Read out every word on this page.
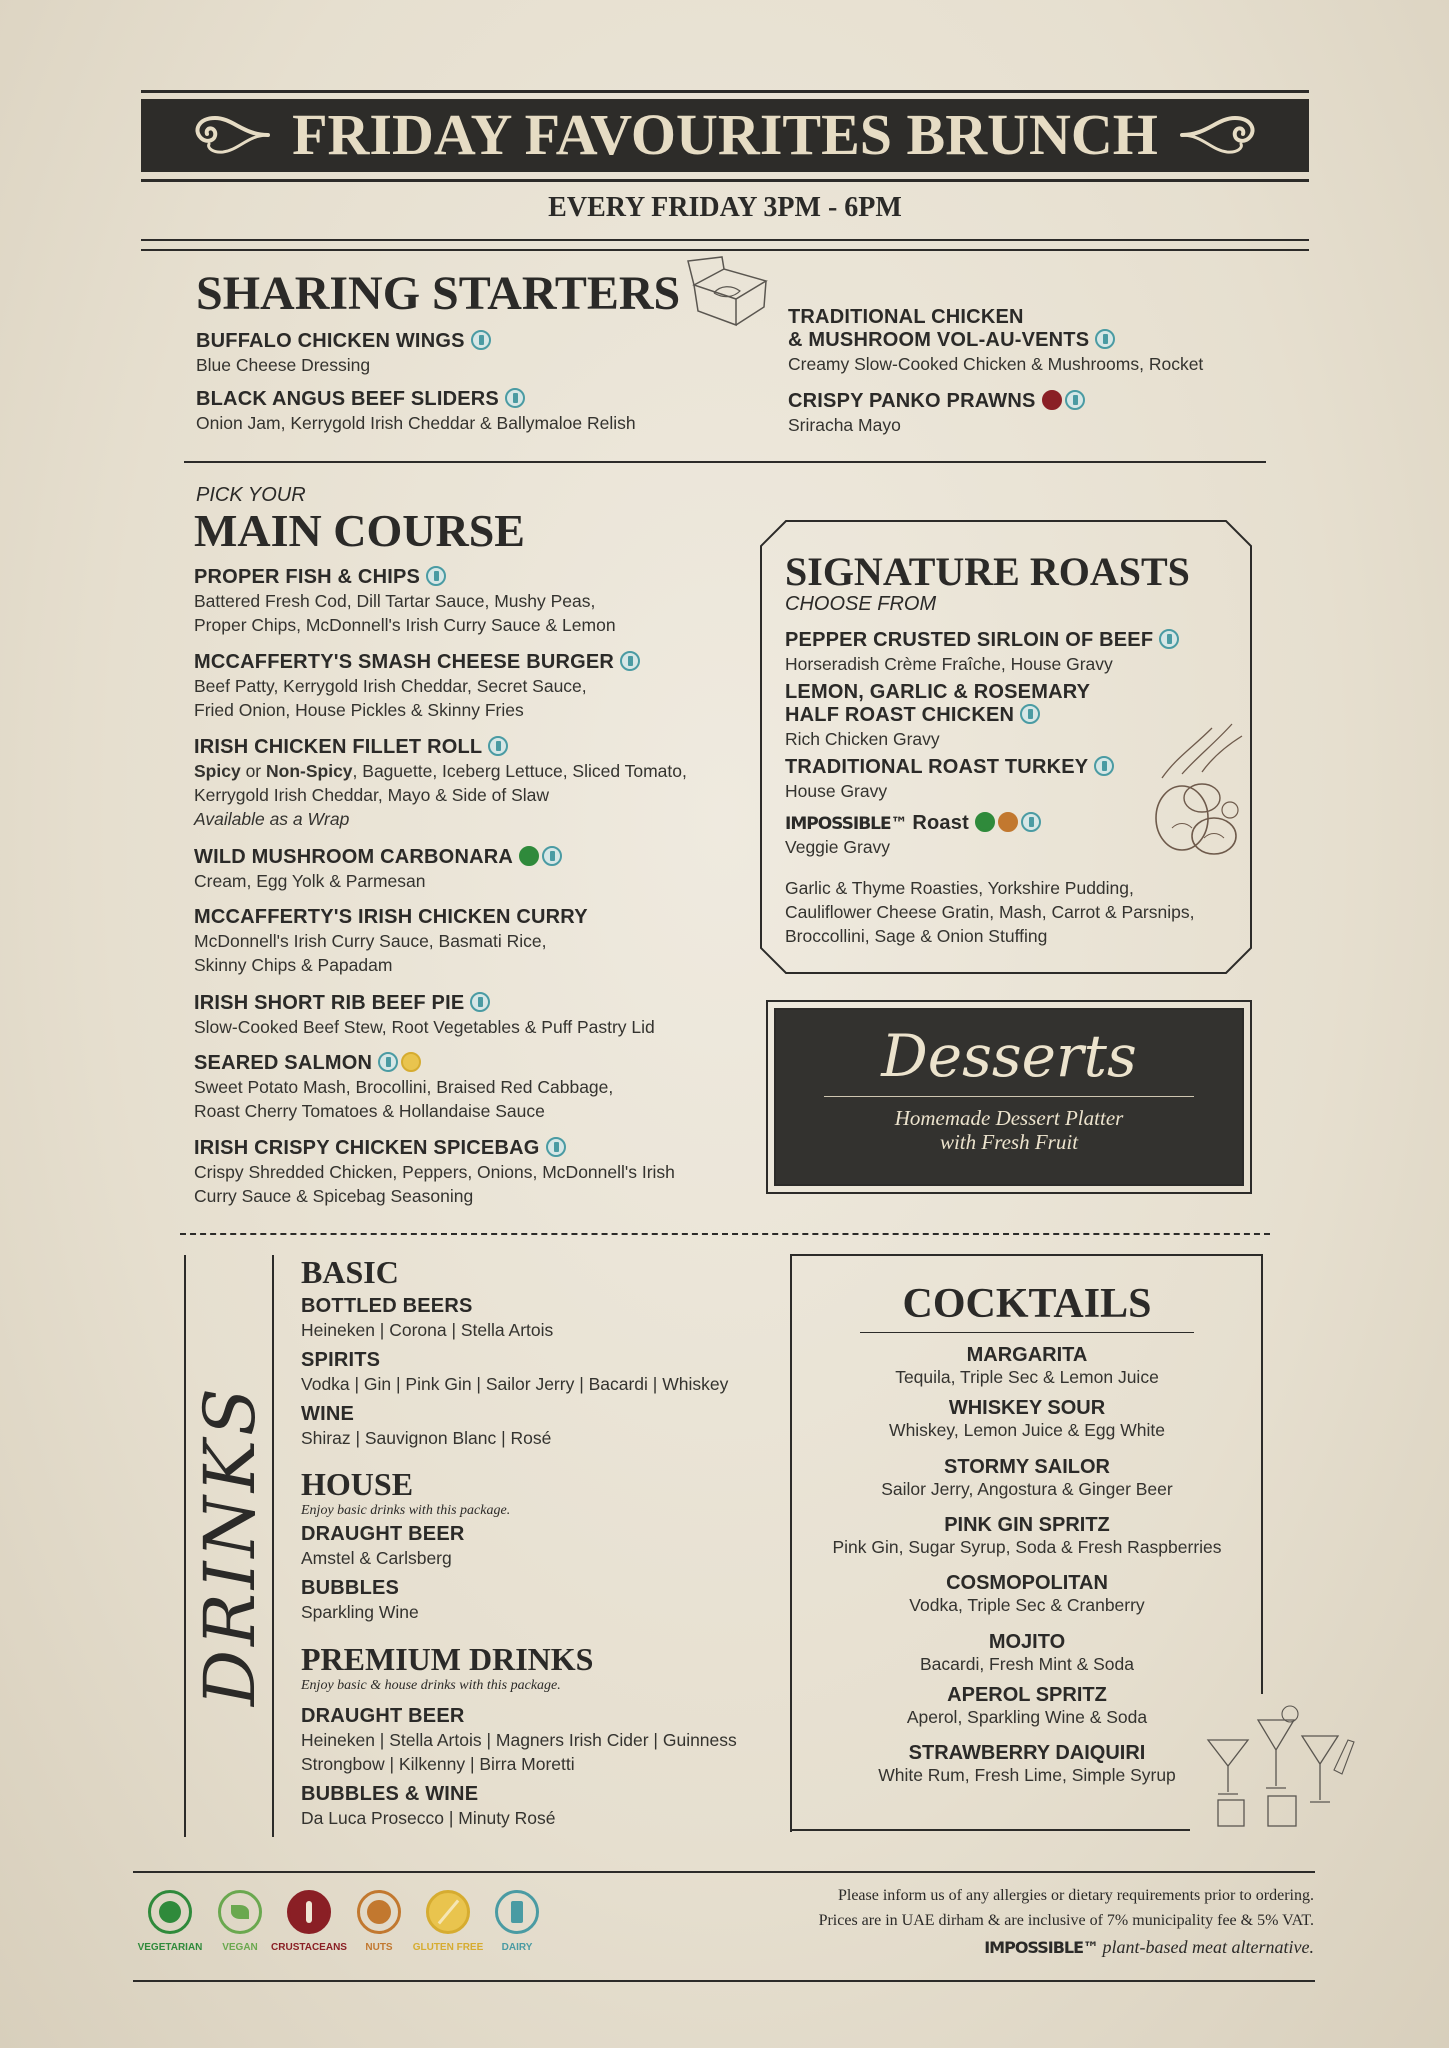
FRIDAY FAVOURITES BRUNCH
EVERY FRIDAY 3PM - 6PM
SHARING STARTERS
BUFFALO CHICKEN WINGS
Blue Cheese Dressing
BLACK ANGUS BEEF SLIDERS
Onion Jam, Kerrygold Irish Cheddar & Ballymaloe Relish
TRADITIONAL CHICKEN
& MUSHROOM VOL-AU-VENTS
Creamy Slow-Cooked Chicken & Mushrooms, Rocket
CRISPY PANKO PRAWNS
Sriracha Mayo
PICK YOUR
MAIN COURSE
PROPER FISH & CHIPS
Battered Fresh Cod, Dill Tartar Sauce, Mushy Peas,
Proper Chips, McDonnell's Irish Curry Sauce & Lemon
MCCAFFERTY'S SMASH CHEESE BURGER
Beef Patty, Kerrygold Irish Cheddar, Secret Sauce,
Fried Onion, House Pickles & Skinny Fries
IRISH CHICKEN FILLET ROLL
Spicy or Non-Spicy, Baguette, Iceberg Lettuce, Sliced Tomato,
Kerrygold Irish Cheddar, Mayo & Side of Slaw
Available as a Wrap
WILD MUSHROOM CARBONARA
Cream, Egg Yolk & Parmesan
MCCAFFERTY'S IRISH CHICKEN CURRY
McDonnell's Irish Curry Sauce, Basmati Rice,
Skinny Chips & Papadam
IRISH SHORT RIB BEEF PIE
Slow-Cooked Beef Stew, Root Vegetables & Puff Pastry Lid
SEARED SALMON
Sweet Potato Mash, Brocollini, Braised Red Cabbage,
Roast Cherry Tomatoes & Hollandaise Sauce
IRISH CRISPY CHICKEN SPICEBAG
Crispy Shredded Chicken, Peppers, Onions, McDonnell's Irish
Curry Sauce & Spicebag Seasoning
SIGNATURE ROASTS
CHOOSE FROM
PEPPER CRUSTED SIRLOIN OF BEEF
Horseradish Crème Fraîche, House Gravy
LEMON, GARLIC & ROSEMARY
HALF ROAST CHICKEN
Rich Chicken Gravy
TRADITIONAL ROAST TURKEY
House Gravy
IMPOSSIBLE™ Roast
Veggie Gravy
Garlic & Thyme Roasties, Yorkshire Pudding,
Cauliflower Cheese Gratin, Mash, Carrot & Parsnips,
Broccollini, Sage & Onion Stuffing
Desserts
Homemade Dessert Platter
with Fresh Fruit
DRINKS
BASIC
BOTTLED BEERS
Heineken | Corona | Stella Artois
SPIRITS
Vodka | Gin | Pink Gin | Sailor Jerry | Bacardi | Whiskey
WINE
Shiraz | Sauvignon Blanc | Rosé
HOUSE
Enjoy basic drinks with this package.
DRAUGHT BEER
Amstel & Carlsberg
BUBBLES
Sparkling Wine
PREMIUM DRINKS
Enjoy basic & house drinks with this package.
DRAUGHT BEER
Heineken | Stella Artois | Magners Irish Cider | Guinness
Strongbow | Kilkenny | Birra Moretti
BUBBLES & WINE
Da Luca Prosecco | Minuty Rosé
COCKTAILS
MARGARITA
Tequila, Triple Sec & Lemon Juice
WHISKEY SOUR
Whiskey, Lemon Juice & Egg White
STORMY SAILOR
Sailor Jerry, Angostura & Ginger Beer
PINK GIN SPRITZ
Pink Gin, Sugar Syrup, Soda & Fresh Raspberries
COSMOPOLITAN
Vodka, Triple Sec & Cranberry
MOJITO
Bacardi, Fresh Mint & Soda
APEROL SPRITZ
Aperol, Sparkling Wine & Soda
STRAWBERRY DAIQUIRI
White Rum, Fresh Lime, Simple Syrup
VEGETARIAN	VEGAN	CRUSTACEANS	NUTS	GLUTEN FREE	DAIRY
Please inform us of any allergies or dietary requirements prior to ordering.
Prices are in UAE dirham & are inclusive of 7% municipality fee & 5% VAT.
IMPOSSIBLE™ plant-based meat alternative.
